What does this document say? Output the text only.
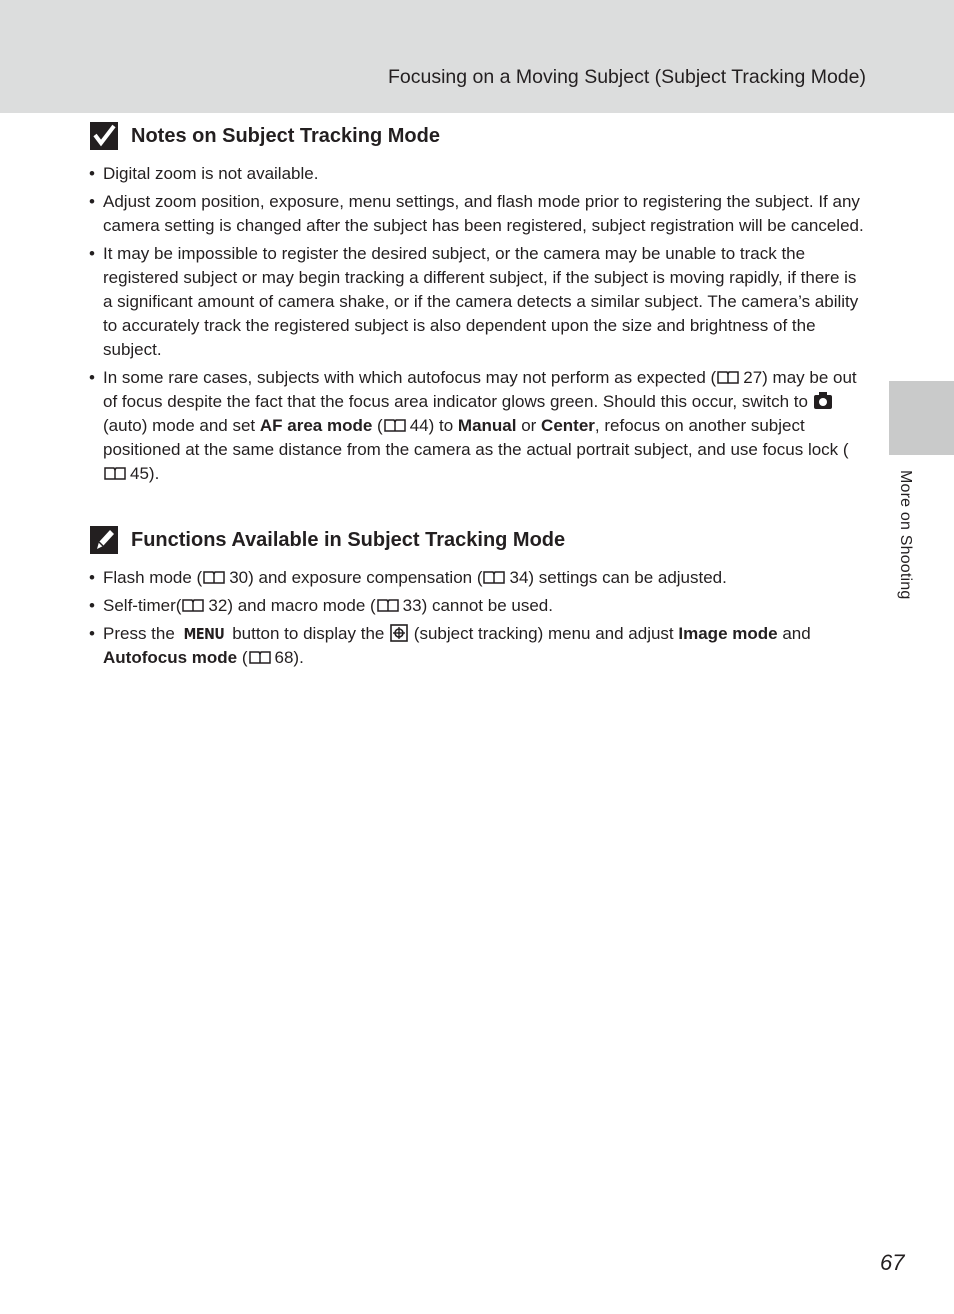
Focusing on a Moving Subject (Subject Tracking Mode)
More on Shooting
Notes on Subject Tracking Mode
• Digital zoom is not available.
• Adjust zoom position, exposure, menu settings, and flash mode prior to registering the subject. If any camera setting is changed after the subject has been registered, subject registration will be canceled.
• It may be impossible to register the desired subject, or the camera may be unable to track the registered subject or may begin tracking a different subject, if the subject is moving rapidly, if there is a significant amount of camera shake, or if the camera detects a similar subject. The camera’s ability to accurately track the registered subject is also dependent upon the size and brightness of the subject.
• In some rare cases, subjects with which autofocus may not perform as expected ( 27) may be out of focus despite the fact that the focus area indicator glows green. Should this occur, switch to
(auto) mode and set AF area mode ( 44) to Manual or Center, refocus on another subject positioned at the same distance from the camera as the actual portrait subject, and use focus lock (
45).
Functions Available in Subject Tracking Mode
• Flash mode ( 30) and exposure compensation ( 34) settings can be adjusted.
• Self-timer( 32) and macro mode ( 33) cannot be used.
• Press the MENU button to display the
(subject tracking) menu and adjust Image mode and Autofocus mode ( 68).
67
